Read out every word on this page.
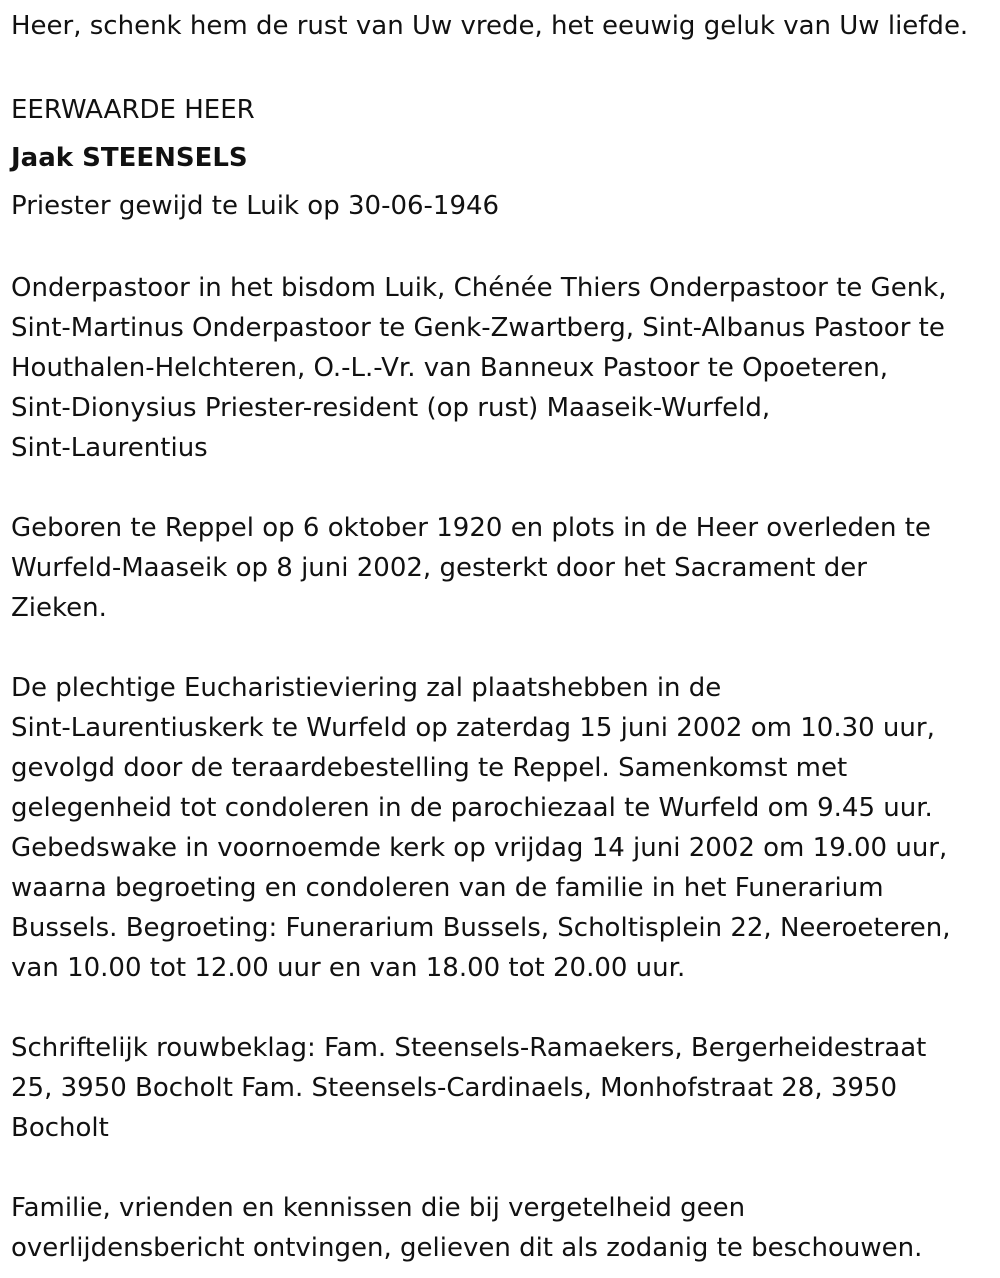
Heer, schenk hem de rust van Uw vrede, het eeuwig geluk van Uw liefde.
EERWAARDE HEER
Jaak STEENSELS
Priester gewijd te Luik op 30-06-1946
Onderpastoor in het bisdom Luik, Chénée Thiers Onderpastoor te Genk,
Sint-Martinus Onderpastoor te Genk-Zwartberg, Sint-Albanus Pastoor te
Houthalen-Helchteren, O.-L.-Vr. van Banneux Pastoor te Opoeteren,
Sint-Dionysius Priester-resident (op rust) Maaseik-Wurfeld,
Sint-Laurentius
Geboren te Reppel op 6 oktober 1920 en plots in de Heer overleden te
Wurfeld-Maaseik op 8 juni 2002, gesterkt door het Sacrament der
Zieken.
De plechtige Eucharistieviering zal plaatshebben in de
Sint-Laurentiuskerk te Wurfeld op zaterdag 15 juni 2002 om 10.30 uur,
gevolgd door de teraardebestelling te Reppel. Samenkomst met
gelegenheid tot condoleren in de parochiezaal te Wurfeld om 9.45 uur.
Gebedswake in voornoemde kerk op vrijdag 14 juni 2002 om 19.00 uur,
waarna begroeting en condoleren van de familie in het Funerarium
Bussels. Begroeting: Funerarium Bussels, Scholtisplein 22, Neeroeteren,
van 10.00 tot 12.00 uur en van 18.00 tot 20.00 uur.
Schriftelijk rouwbeklag: Fam. Steensels-Ramaekers, Bergerheidestraat
25, 3950 Bocholt Fam. Steensels-Cardinaels, Monhofstraat 28, 3950
Bocholt
Familie, vrienden en kennissen die bij vergetelheid geen
overlijdensbericht ontvingen, gelieven dit als zodanig te beschouwen.
